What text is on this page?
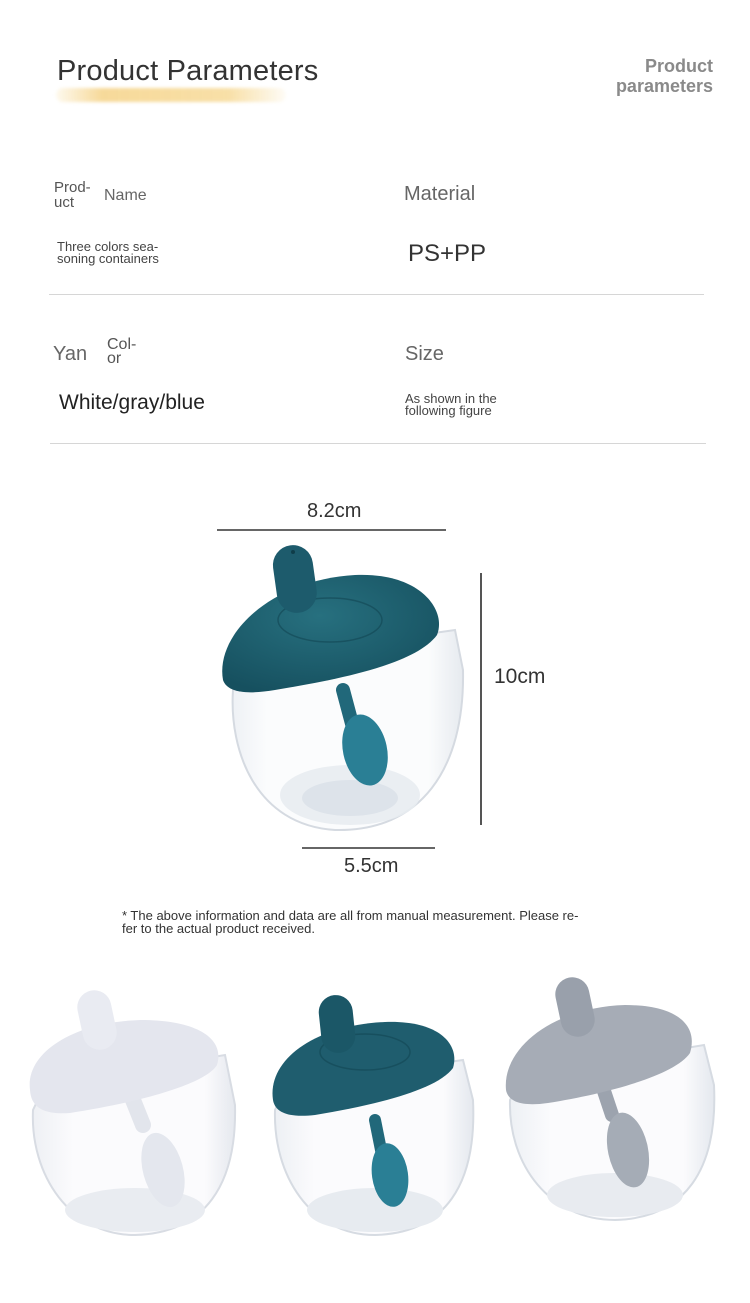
Product Parameters	Product
parameters
Prod-
uct	Name	Material
Three colors sea-
soning containers	PS+PP
Yan Col-
or	Size
White/gray/blue	As shown in the
following figure
8.2cm
10cm
5.5cm
* The above information and data are all from manual measurement. Please re-
fer to the actual product received.
